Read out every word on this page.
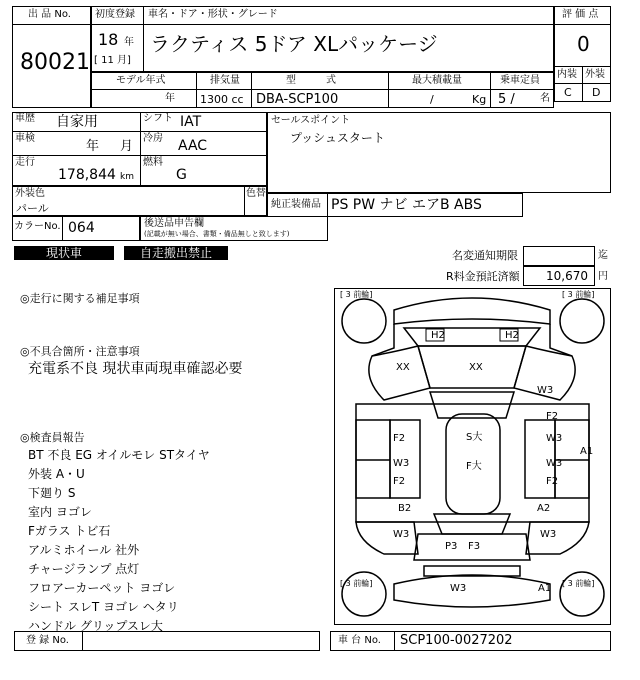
出 品 No.
80021
初度登録 車名・ドア・形状・グレード
18 年
[ 11 月]
ラクティス 5ドア XLパッケージ
評 価 点
0
内装 外装
C D
モデル年式
年
排気量
1300 cc
型　　　式
DBA-SCP100
最大積載量
/	Kg
乗車定員
5 /	名
車歴 自家用	シフト IAT
車検
年 月
冷房 AAC
走行
178,844 km
燃料
G
セールスポイント
プッシュスタート
外装色
パール
色替
純正装備品 PS PW ナビ エアB ABS
カラーNo. 064	後送品申告欄
(記載が無い場合、書類・備品無しと致します)
現状車	自走搬出禁止	名変通知期限	迄
R料金預託済額 10,670 円
◎走行に関する補足事項
◎不具合箇所・注意事項
充電系不良 現状車両現車確認必要
◎検査員報告
BT 不良 EG オイルモレ STタイヤ
外装 A・U
下廻り S
室内 ヨゴレ
Fガラス トビ石
アルミホイール 社外
チャージランプ 点灯
フロアーカーペット ヨゴレ
シート スレT ヨゴレ ヘタリ
ハンドル グリップスレ大
[ 3 前輪]	[ 3 前輪]
[ 3 前輪]	[ 3 前輪]
H2	H2
XX	XX
W3
F2
W3
F2
S大
F大
F2
W3
A1
W3
F2
B2
W3
A2
W3
P3 F3
W3	A1
登 録 No.	車 台 No. SCP100-0027202
